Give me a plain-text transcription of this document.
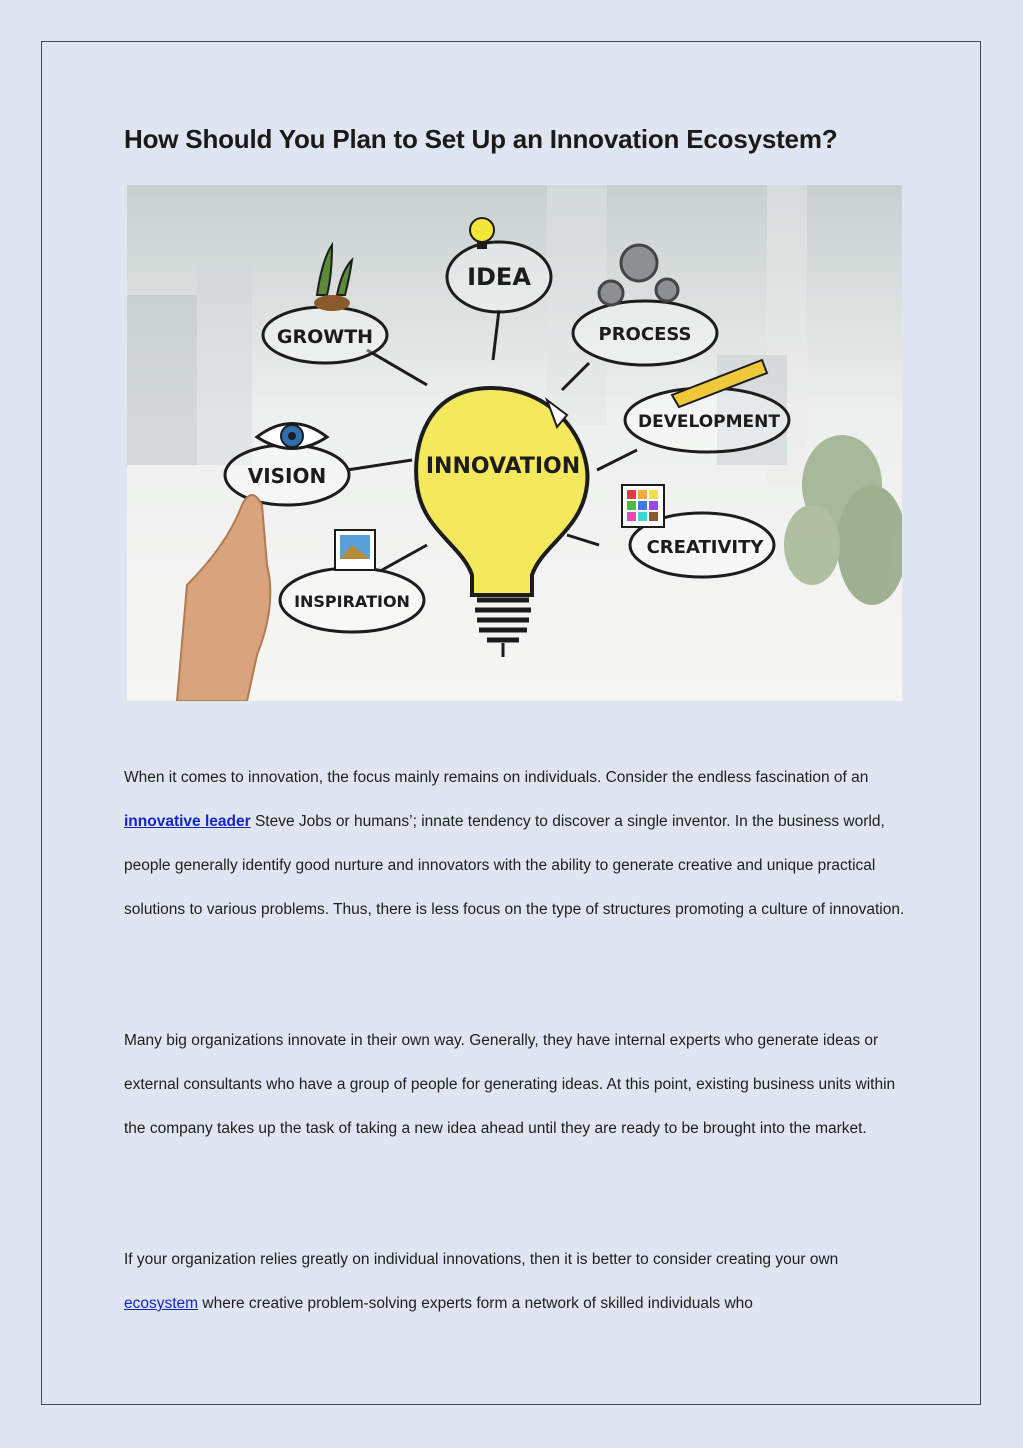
How Should You Plan to Set Up an Innovation Ecosystem?
INNOVATION
IDEA
GROWTH	PROCESS
DEVELOPMENT
VISION
CREATIVITY
INSPIRATION

When it comes to innovation, the focus mainly remains on individuals. Consider the endless fascination of an innovative leader Steve Jobs or humans’; innate tendency to discover a single inventor. In the business world, people generally identify good nurture and innovators with the ability to generate creative and unique practical solutions to various problems. Thus, there is less focus on the type of structures promoting a culture of innovation.

Many big organizations innovate in their own way. Generally, they have internal experts who generate ideas or external consultants who have a group of people for generating ideas. At this point, existing business units within the company takes up the task of taking a new idea ahead until they are ready to be brought into the market.

If your organization relies greatly on individual innovations, then it is better to consider creating your own ecosystem where creative problem-solving experts form a network of skilled individuals who
